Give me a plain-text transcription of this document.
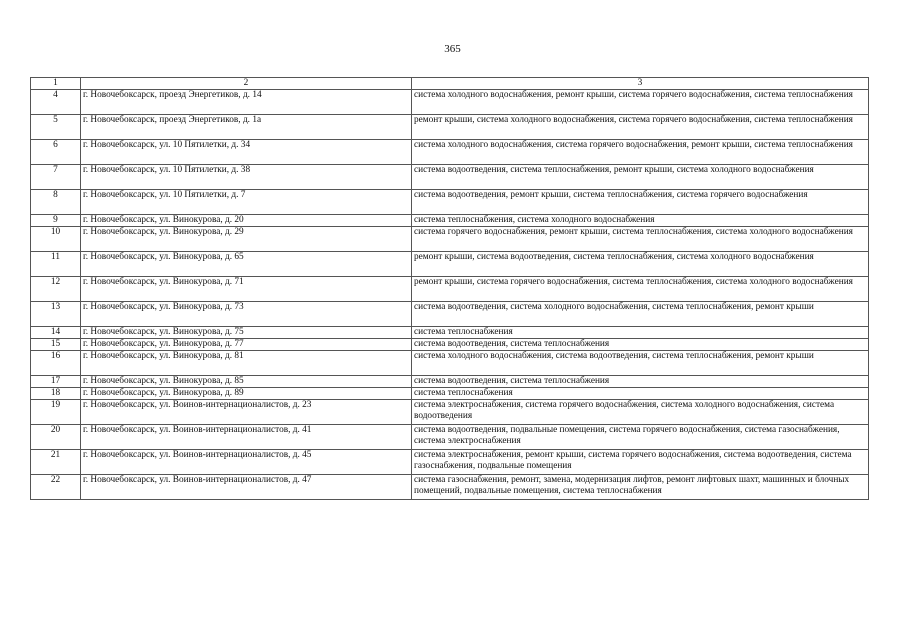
365
1	2	3
4	г. Новочебоксарск, проезд Энергетиков, д. 14	система холодного водоснабжения, ремонт крыши, система горячего водоснабжения, система теплоснабжения
5	г. Новочебоксарск, проезд Энергетиков, д. 1а	ремонт крыши, система холодного водоснабжения, система горячего водоснабжения, система теплоснабжения
6	г. Новочебоксарск, ул. 10 Пятилетки, д. 34	система холодного водоснабжения, система горячего водоснабжения, ремонт крыши, система теплоснабжения
7	г. Новочебоксарск, ул. 10 Пятилетки, д. 38	система водоотведения, система теплоснабжения, ремонт крыши, система холодного водоснабжения
8	г. Новочебоксарск, ул. 10 Пятилетки, д. 7	система водоотведения, ремонт крыши, система теплоснабжения, система горячего водоснабжения
9	г. Новочебоксарск, ул. Винокурова, д. 20	система теплоснабжения, система холодного водоснабжения
10	г. Новочебоксарск, ул. Винокурова, д. 29	система горячего водоснабжения, ремонт крыши, система теплоснабжения, система холодного водоснабжения
11	г. Новочебоксарск, ул. Винокурова, д. 65	ремонт крыши, система водоотведения, система теплоснабжения, система холодного водоснабжения
12	г. Новочебоксарск, ул. Винокурова, д. 71	ремонт крыши, система горячего водоснабжения, система теплоснабжения, система холодного водоснабжения
13	г. Новочебоксарск, ул. Винокурова, д. 73	система водоотведения, система холодного водоснабжения, система теплоснабжения, ремонт крыши
14	г. Новочебоксарск, ул. Винокурова, д. 75	система теплоснабжения
15	г. Новочебоксарск, ул. Винокурова, д. 77	система водоотведения, система теплоснабжения
16	г. Новочебоксарск, ул. Винокурова, д. 81	система холодного водоснабжения, система водоотведения, система теплоснабжения, ремонт крыши
17	г. Новочебоксарск, ул. Винокурова, д. 85	система водоотведения, система теплоснабжения
18	г. Новочебоксарск, ул. Винокурова, д. 89	система теплоснабжения
19	г. Новочебоксарск, ул. Воинов-интернационалистов, д. 23	система электроснабжения, система горячего водоснабжения, система холодного водоснабжения, система водоотведения
20	г. Новочебоксарск, ул. Воинов-интернационалистов, д. 41	система водоотведения, подвальные помещения, система горячего водоснабжения, система газоснабжения, система электроснабжения
21	г. Новочебоксарск, ул. Воинов-интернационалистов, д. 45	система электроснабжения, ремонт крыши, система горячего водоснабжения, система водоотведения, система газоснабжения, подвальные помещения
22	г. Новочебоксарск, ул. Воинов-интернационалистов, д. 47	система газоснабжения, ремонт, замена, модернизация лифтов, ремонт лифтовых шахт, машинных и блочных помещений, подвальные помещения, система теплоснабжения
